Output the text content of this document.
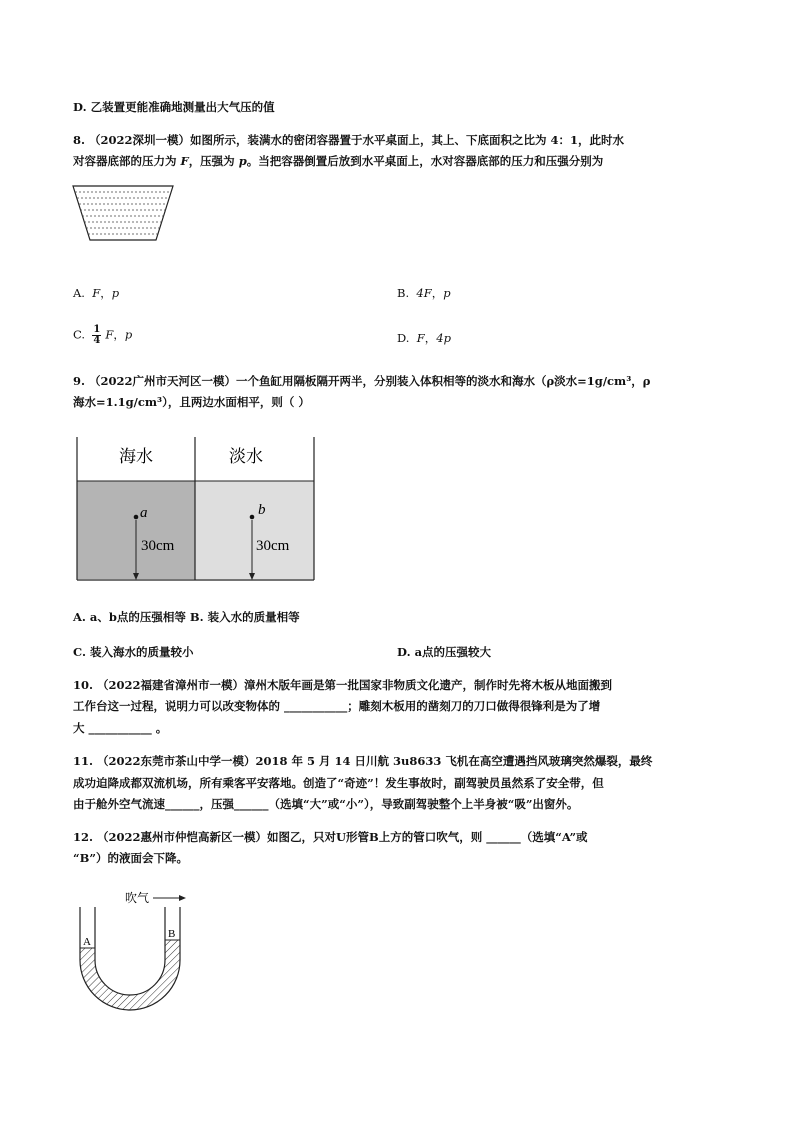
D. 乙装置更能准确地测量出大气压的值
8. （2022深圳一模）如图所示，装满水的密闭容器置于水平桌面上，其上、下底面积之比为 4：1，此时水
对容器底部的压力为 F，压强为 p。当把容器倒置后放到水平桌面上，水对容器底部的压力和压强分别为
A. F，p	B. 4F，p
C. $\frac{1}{4}$ F，p	D. F，4p
9. （2022广州市天河区一模）一个鱼缸用隔板隔开两半，分别装入体积相等的淡水和海水（ρ淡水=1g/cm³，ρ
海水=1.1g/cm³），且两边水面相平，则（ ）
海水	淡水
a	b
30cm	30cm
A. a、b点的压强相等 B. 装入水的质量相等
C. 装入海水的质量较小	D. a点的压强较大
10. （2022福建省漳州市一模）漳州木版年画是第一批国家非物质文化遗产，制作时先将木板从地面搬到
工作台这一过程，说明力可以改变物体的 ___________；雕刻木板用的凿刻刀的刀口做得很锋利是为了增
大 ___________ 。
11. （2022东莞市茶山中学一模）2018 年 5 月 14 日川航 3u8633 飞机在高空遭遇挡风玻璃突然爆裂，最终
成功迫降成都双流机场，所有乘客平安落地。创造了“奇迹”！发生事故时，副驾驶员虽然系了安全带，但
由于舱外空气流速______，压强______（选填“大”或“小”），导致副驾驶整个上半身被“吸”出窗外。
12. （2022惠州市仲恺高新区一模）如图乙，只对U形管B上方的管口吹气，则 ______（选填“A”或
“B”）的液面会下降。
吹气
A
B
